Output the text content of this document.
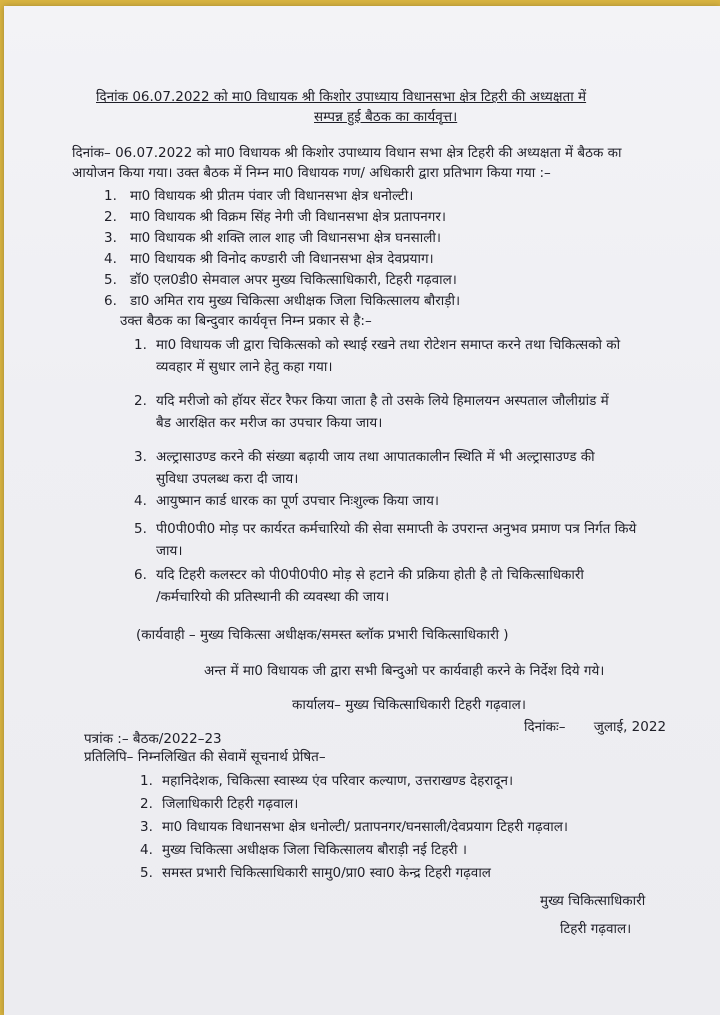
दिनांक 06.07.2022 को मा0 विधायक श्री किशोर उपाध्याय विधानसभा क्षेत्र टिहरी की अध्यक्षता में
सम्पन्न हुई बैठक का कार्यवृत्त।
दिनांक– 06.07.2022 को मा0 विधायक श्री किशोर उपाध्याय विधान सभा क्षेत्र टिहरी की अध्यक्षता में बैठक का
आयोजन किया गया। उक्त बैठक में निम्न मा0 विधायक गण/ अधिकारी द्वारा प्रतिभाग किया गया :–
1. मा0 विधायक श्री प्रीतम पंवार जी विधानसभा क्षेत्र धनोल्टी।
2. मा0 विधायक श्री विक्रम सिंह नेगी जी विधानसभा क्षेत्र प्रतापनगर।
3. मा0 विधायक श्री शक्ति लाल शाह जी विधानसभा क्षेत्र घनसाली।
4. मा0 विधायक श्री विनोद कण्डारी जी विधानसभा क्षेत्र देवप्रयाग।
5. डॉ0 एल0डी0 सेमवाल अपर मुख्य चिकित्साधिकारी, टिहरी गढ़वाल।
6. डा0 अमित राय मुख्य चिकित्सा अधीक्षक जिला चिकित्सालय बौराड़ी।
उक्त बैठक का बिन्दुवार कार्यवृत्त निम्न प्रकार से है:–
1. मा0 विधायक जी द्वारा चिकित्सको को स्थाई रखने तथा रोटेशन समाप्त करने तथा चिकित्सको को
व्यवहार में सुधार लाने हेतु कहा गया।
2. यदि मरीजो को हॉयर सेंटर रैफर किया जाता है तो उसके लिये हिमालयन अस्पताल जौलीग्रांड में
बैड आरक्षित कर मरीज का उपचार किया जाय।
3. अल्ट्रासाउण्ड करने की संख्या बढ़ायी जाय तथा आपातकालीन स्थिति में भी अल्ट्रासाउण्ड की
सुविधा उपलब्ध करा दी जाय।
4. आयुष्मान कार्ड धारक का पूर्ण उपचार निःशुल्क किया जाय।
5. पी0पी0पी0 मोड़ पर कार्यरत कर्मचारियो की सेवा समाप्ती के उपरान्त अनुभव प्रमाण पत्र निर्गत किये
जाय।
6. यदि टिहरी कलस्टर को पी0पी0पी0 मोड़ से हटाने की प्रक्रिया होती है तो चिकित्साधिकारी
/कर्मचारियो की प्रतिस्थानी की व्यवस्था की जाय।
(कार्यवाही – मुख्य चिकित्सा अधीक्षक/समस्त ब्लॉक प्रभारी चिकित्साधिकारी )
अन्त में मा0 विधायक जी द्वारा सभी बिन्दुओ पर कार्यवाही करने के निर्देश दिये गये।
कार्यालय– मुख्य चिकित्साधिकारी टिहरी गढ़वाल।
दिनांकः– जुलाई, 2022
पत्रांक :– बैठक/2022–23
प्रतिलिपि– निम्नलिखित की सेवामें सूचनार्थ प्रेषित–
1. महानिदेशक, चिकित्सा स्वास्थ्य एंव परिवार कल्याण, उत्तराखण्ड देहरादून।
2. जिलाधिकारी टिहरी गढ़वाल।
3. मा0 विधायक विधानसभा क्षेत्र धनोल्टी/ प्रतापनगर/घनसाली/देवप्रयाग टिहरी गढ़वाल।
4. मुख्य चिकित्सा अधीक्षक जिला चिकित्सालय बौराड़ी नई टिहरी ।
5. समस्त प्रभारी चिकित्साधिकारी सामु0/प्रा0 स्वा0 केन्द्र टिहरी गढ़वाल
मुख्य चिकित्साधिकारी
टिहरी गढ़वाल।
